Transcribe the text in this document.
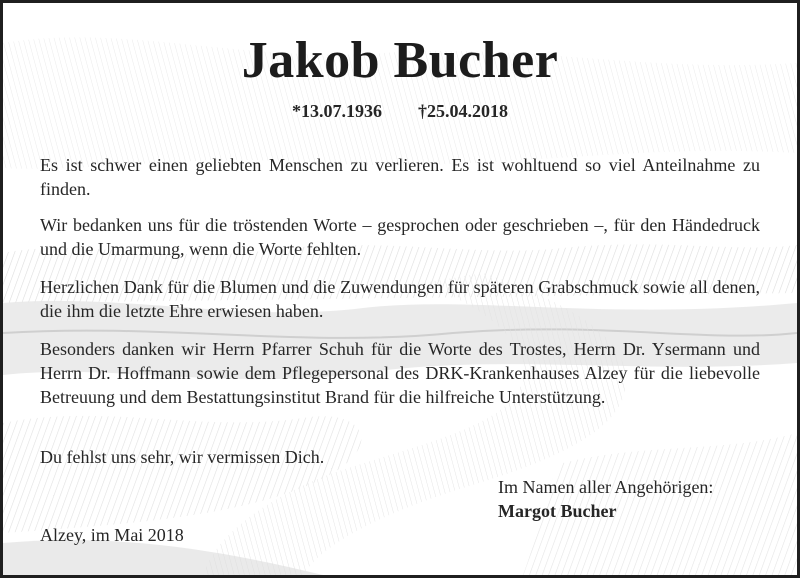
Jakob Bucher
*13.07.1936 †25.04.2018
Es ist schwer einen geliebten Menschen zu verlieren. Es ist wohltuend so viel Anteilnahme zu finden.
Wir bedanken uns für die tröstenden Worte – gesprochen oder geschrieben –, für den Händedruck und die Umarmung, wenn die Worte fehlten.
Herzlichen Dank für die Blumen und die Zuwendungen für späteren Grabschmuck sowie all denen, die ihm die letzte Ehre erwiesen haben.
Besonders danken wir Herrn Pfarrer Schuh für die Worte des Trostes, Herrn Dr. Ysermann und Herrn Dr. Hoffmann sowie dem Pflegepersonal des DRK-Krankenhauses Alzey für die liebevolle Betreuung und dem Bestattungsinstitut Brand für die hilfreiche Unterstützung.
Du fehlst uns sehr, wir vermissen Dich.
Im Namen aller Angehörigen:
Margot Bucher
Alzey, im Mai 2018
